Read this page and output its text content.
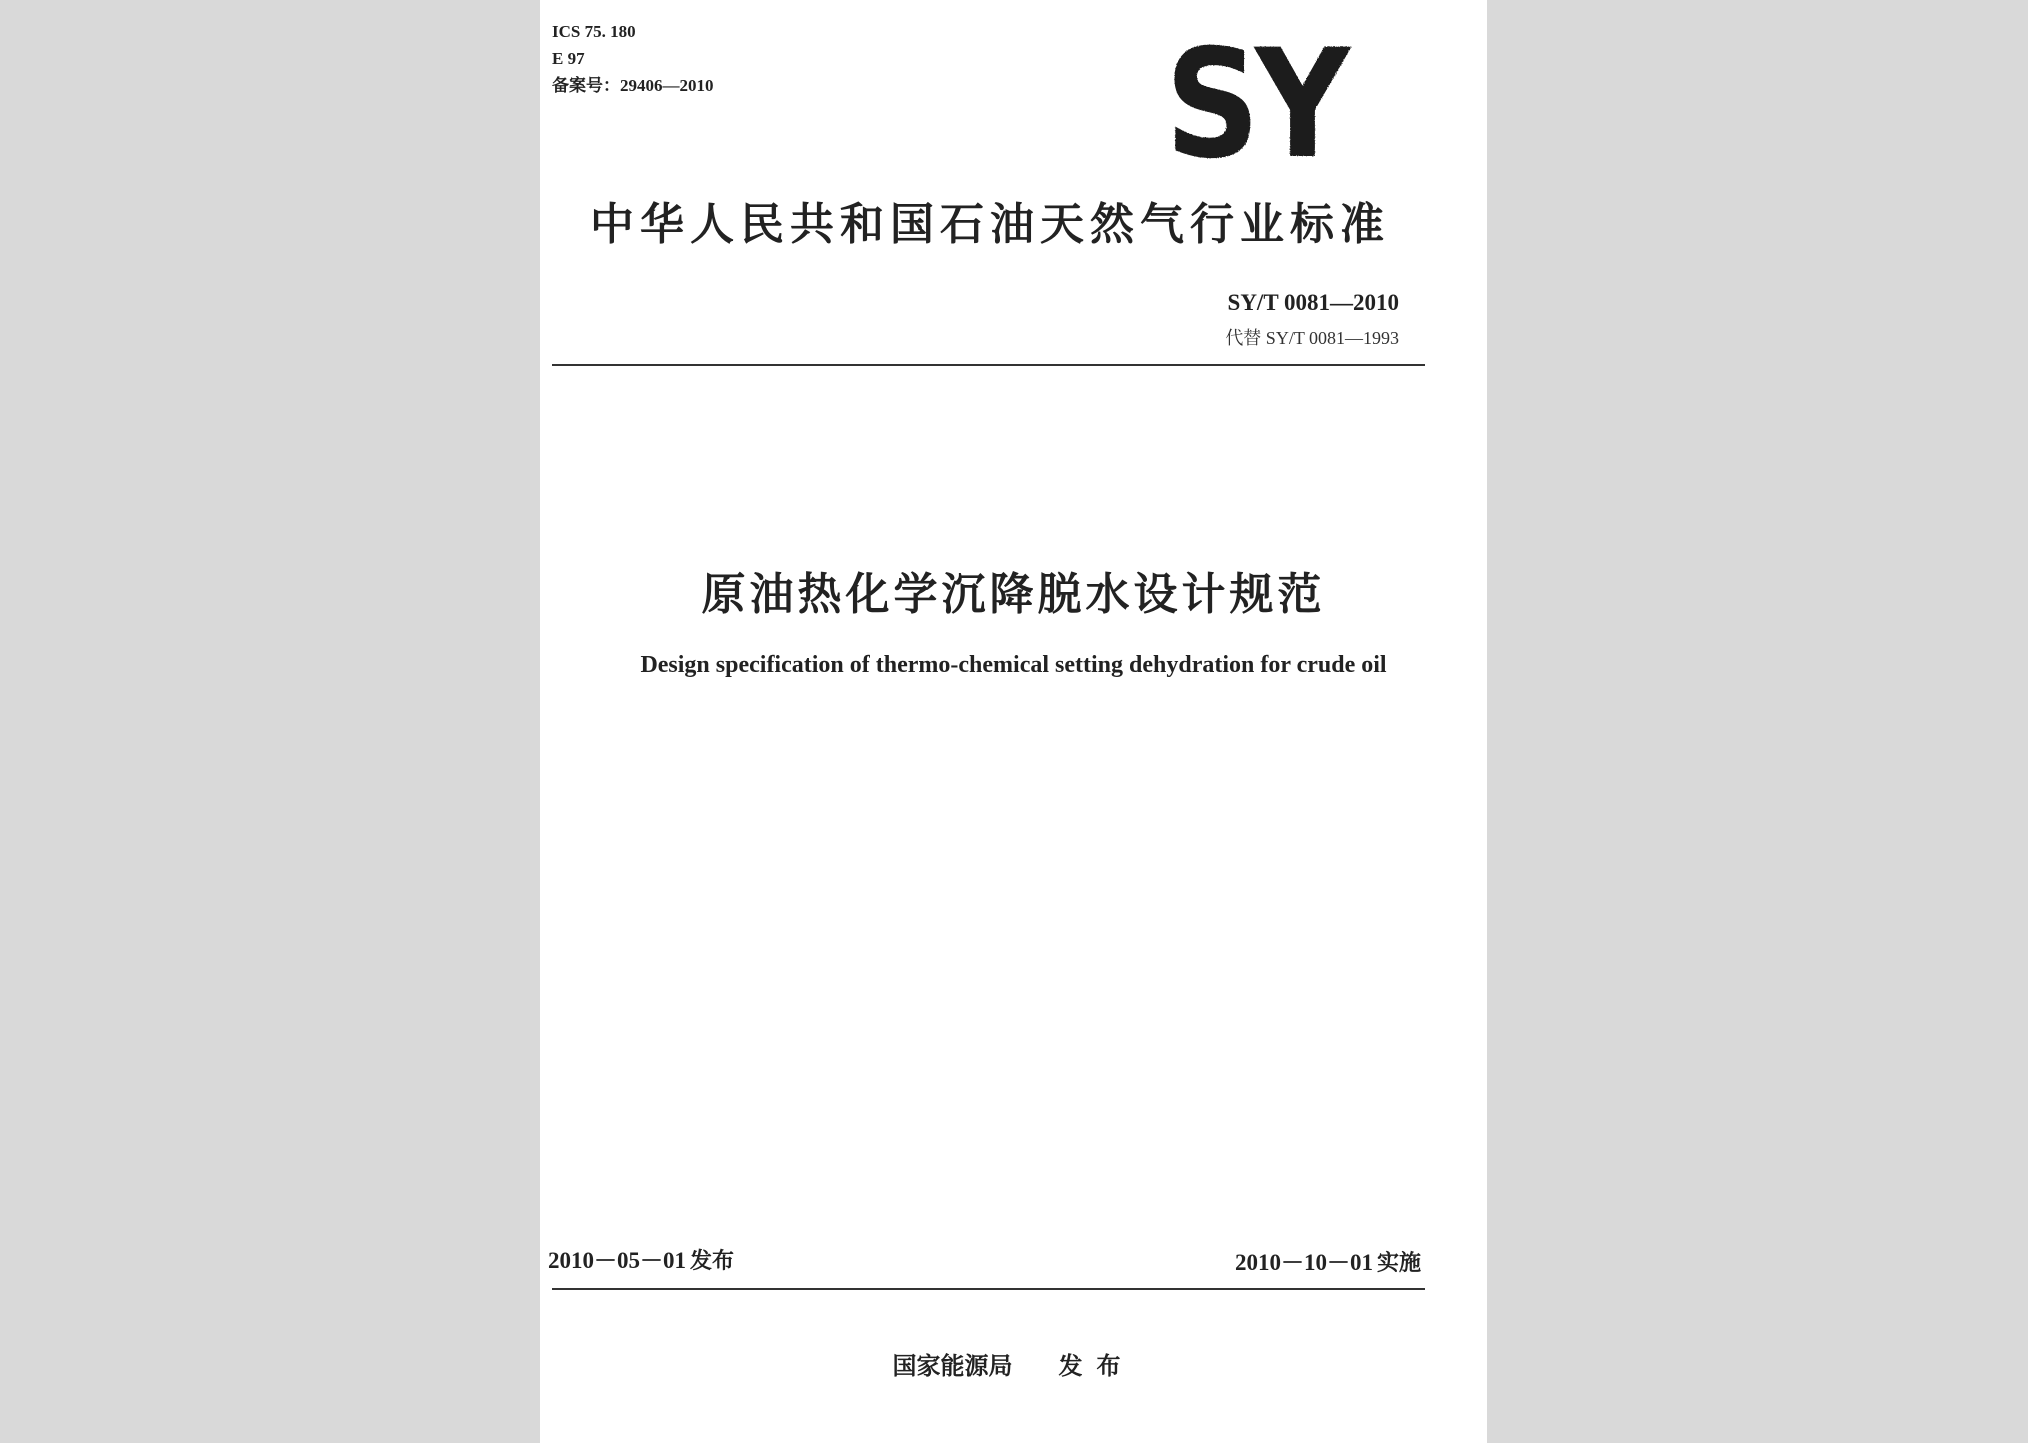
ICS 75. 180
E 97
备案号：29406—2010	SY
中华人民共和国石油天然气行业标准
SY/T 0081—2010
代替 SY/T 0081—1993
原油热化学沉降脱水设计规范
Design specification of thermo-chemical setting dehydration for crude oil
2010－05－01 发布	2010－10－01 实施
国家能源局 发布
